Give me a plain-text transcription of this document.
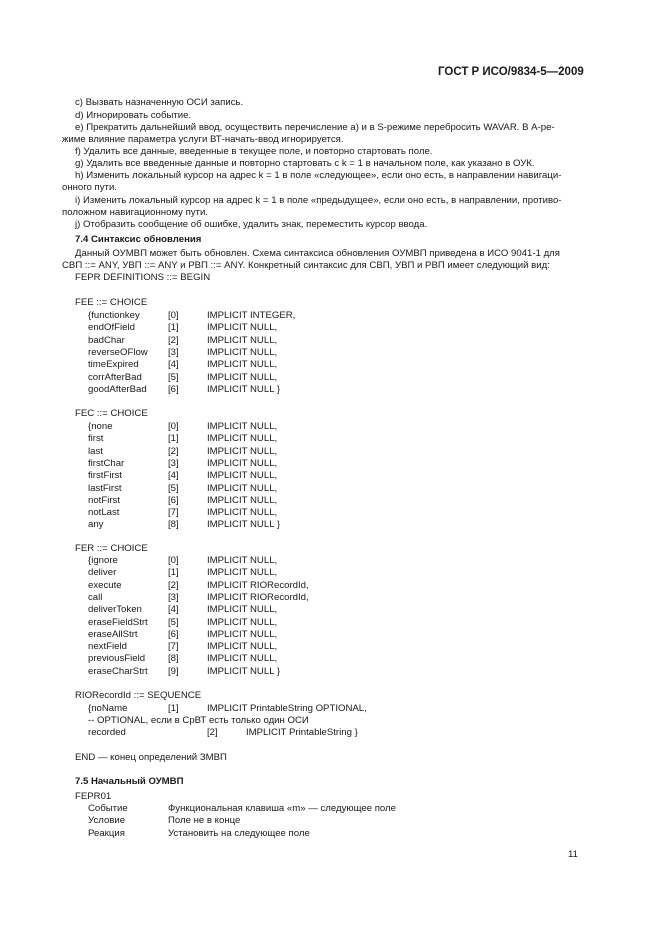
ГОСТ Р ИСО/9834-5—2009
c) Вызвать назначенную ОСИ запись.
d) Игнорировать событие.
e) Прекратить дальнейший ввод, осуществить перечисление a) и в S-режиме перебросить WAVAR. В A-ре-
жиме влияние параметра услуги ВТ-начать-ввод игнорируется.
f) Удалить все данные, введенные в текущее поле, и повторно стартовать поле.
g) Удалить все введенные данные и повторно стартовать с k = 1 в начальном поле, как указано в ОУК.
h) Изменить локальный курсор на адрес k = 1 в поле «следующее», если оно есть, в направлении навигаци-
онного пути.
i) Изменить локальный курсор на адрес k = 1 в поле «предыдущее», если оно есть, в направлении, противо-
положном навигационному пути.
j) Отобразить сообщение об ошибке, удалить знак, переместить курсор ввода.
7.4 Синтаксис обновления
Данный ОУМВП может быть обновлен. Схема синтаксиса обновления ОУМВП приведена в ИСО 9041-1 для
СВП ::= ANY, УВП ::= ANY и РВП ::= ANY. Конкретный синтаксис для СВП, УВП и РВП имеет следующий вид:
FEPR DEFINITIONS ::= BEGIN
FEE ::= CHOICE
{functionkey	[0]	IMPLICIT INTEGER,
endOfField	[1]	IMPLICIT NULL,
badChar	[2]	IMPLICIT NULL,
reverseOFlow [3]	IMPLICIT NULL,
timeExpired	[4]	IMPLICIT NULL,
corrAfterBad	[5]	IMPLICIT NULL,
goodAfterBad [6]	IMPLICIT NULL }
FEC ::= CHOICE
{none	[0]	IMPLICIT NULL,
first	[1]	IMPLICIT NULL,
last	[2]	IMPLICIT NULL,
firstChar	[3]	IMPLICIT NULL,
firstFirst	[4]	IMPLICIT NULL,
lastFirst	[5]	IMPLICIT NULL,
notFirst	[6]	IMPLICIT NULL,
notLast	[7]	IMPLICIT NULL,
any	[8]	IMPLICIT NULL }
FER ::= CHOICE
{ignore	[0]	IMPLICIT NULL,
deliver	[1]	IMPLICIT NULL,
execute	[2]	IMPLICIT RIORecordId,
call	[3]	IMPLICIT RIORecordId,
deliverToken	[4]	IMPLICIT NULL,
eraseFieldStrt [5]	IMPLICIT NULL,
eraseAllStrt	[6]	IMPLICIT NULL,
nextField	[7]	IMPLICIT NULL,
previousField [8]	IMPLICIT NULL,
eraseCharStrt [9]	IMPLICIT NULL }
RIORecordId ::= SEQUENCE
{noName	[1]	IMPLICIT PrintableString OPTIONAL,
-- OPTIONAL, если в СрВТ есть только один ОСИ
recorded	[2]	IMPLICIT PrintableString }
END — конец определений ЗМВП
7.5 Начальный ОУМВП
FEPR01
Событие	Функциональная клавиша «m» — следующее поле
Условие	Поле не в конце
Реакция	Установить на следующее поле
11
